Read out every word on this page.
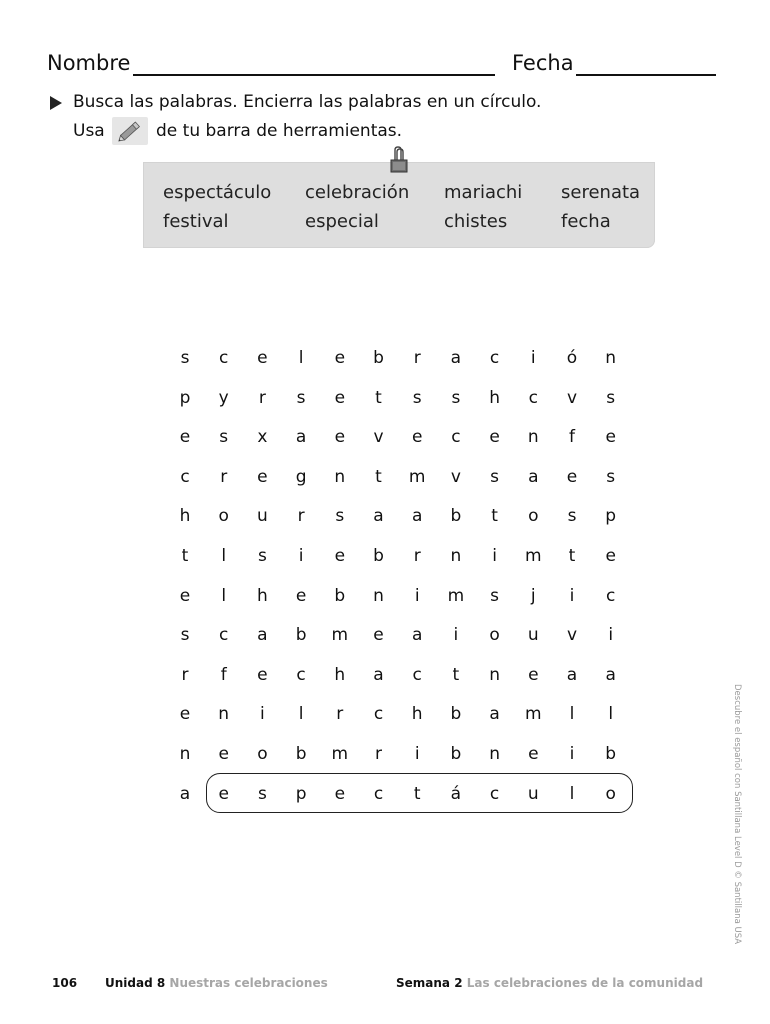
Nombre	Fecha
Busca las palabras. Encierra las palabras en un círculo.
Usa	de tu barra de herramientas.
espectáculo celebración mariachi serenata
festival	especial	chistes	fecha
s	c	e	l	e	b	r	a	c	i	ó	n
p	y	r	s	e	t	s	s	h	c	v	s
e	s	x	a	e	v	e	c	e	n	f	e
c	r	e	g	n	t	m	v	s	a	e	s
h	o	u	r	s	a	a	b	t	o	s	p
t	l	s	i	e	b	r	n	i	m	t	e
e	l	h	e	b	n	i	m	s	j	i	c
s	c	a	b	m	e	a	i	o	u	v	i
r	f	e	c	h	a	c	t	n	e	a	a
e	n	i	l	r	c	h	b	a	m	l	l
n	e	o	b	m	r	i	b	n	e	i	b
a	e	s	p	e	c	t	á	c	u	l	o
106 Unidad 8 Nuestras celebraciones	Semana 2 Las celebraciones de la comunidad
Descubre el español con Santillana Level D © Santillana USA
